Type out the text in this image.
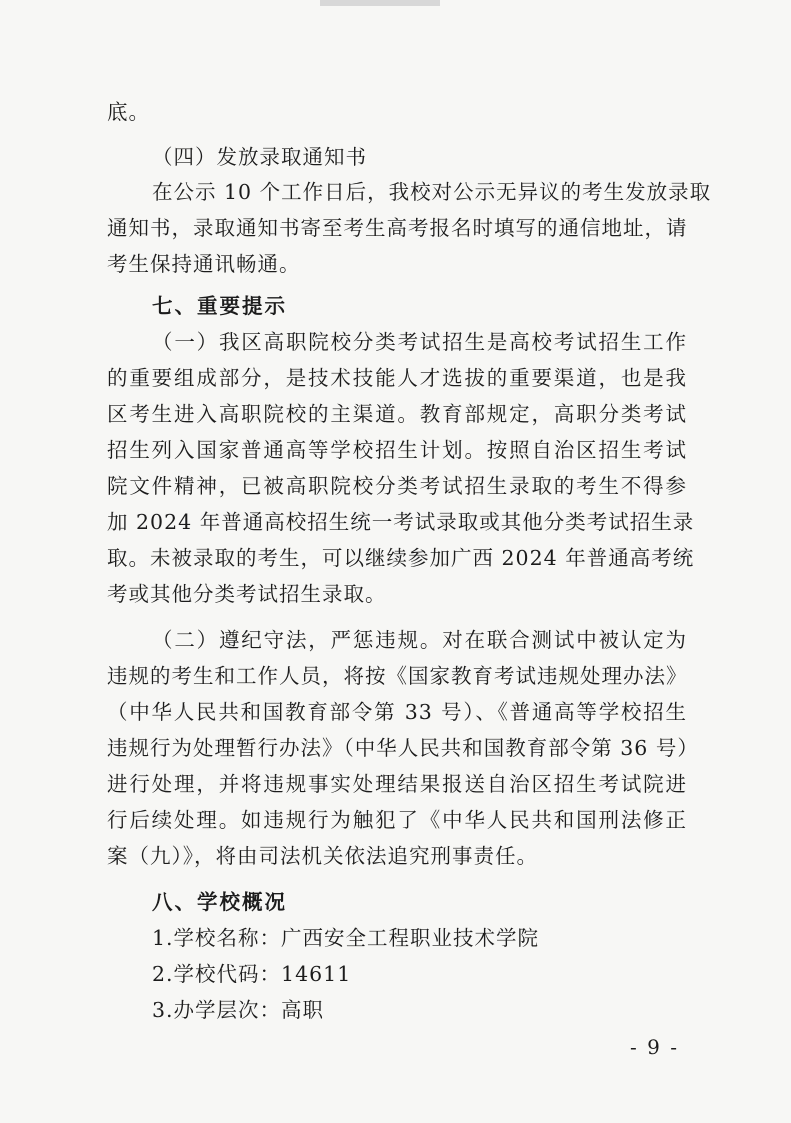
底。
（四）发放录取通知书
在公示 10 个工作日后，我校对公示无异议的考生发放录取
通知书，录取通知书寄至考生高考报名时填写的通信地址，请
考生保持通讯畅通。
七、重要提示
（一）我区高职院校分类考试招生是高校考试招生工作
的重要组成部分，是技术技能人才选拔的重要渠道，也是我
区考生进入高职院校的主渠道。教育部规定，高职分类考试
招生列入国家普通高等学校招生计划。按照自治区招生考试
院文件精神，已被高职院校分类考试招生录取的考生不得参
加 2024 年普通高校招生统一考试录取或其他分类考试招生录
取。未被录取的考生，可以继续参加广西 2024 年普通高考统
考或其他分类考试招生录取。
（二）遵纪守法，严惩违规。对在联合测试中被认定为
违规的考生和工作人员，将按《国家教育考试违规处理办法》
（中华人民共和国教育部令第 33 号）、《普通高等学校招生
违规行为处理暂行办法》（中华人民共和国教育部令第 36 号）
进行处理，并将违规事实处理结果报送自治区招生考试院进
行后续处理。如违规行为触犯了《中华人民共和国刑法修正
案（九）》，将由司法机关依法追究刑事责任。
八、学校概况
1.学校名称：广西安全工程职业技术学院
2.学校代码：14611
3.办学层次：高职
- 9 -
